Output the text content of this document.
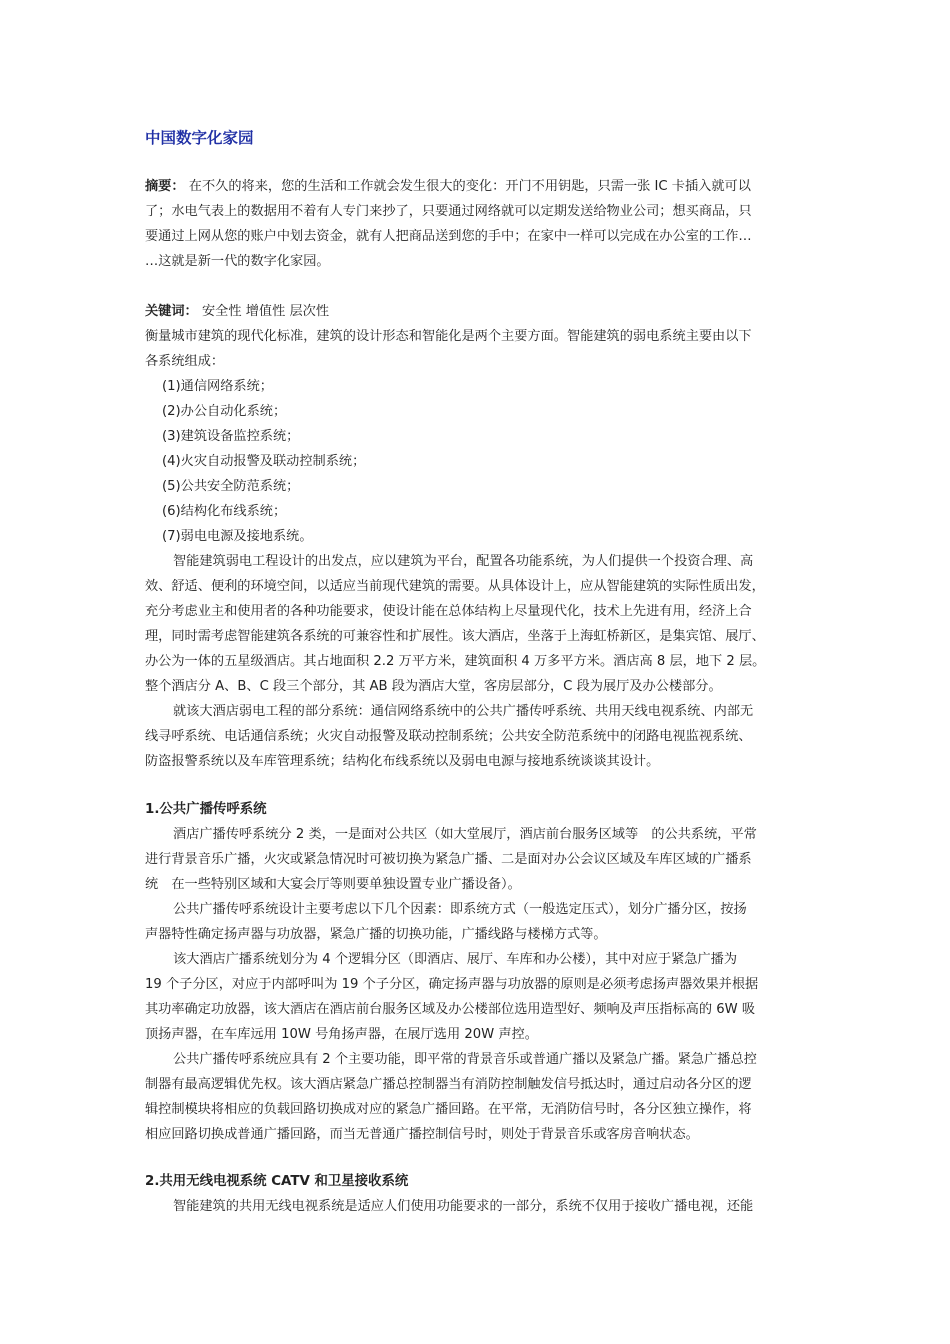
中国数字化家园
摘要： 在不久的将来，您的生活和工作就会发生很大的变化：开门不用钥匙，只需一张 IC 卡插入就可以
了；水电气表上的数据用不着有人专门来抄了，只要通过网络就可以定期发送给物业公司；想买商品，只
要通过上网从您的账户中划去资金，就有人把商品送到您的手中；在家中一样可以完成在办公室的工作…
…这就是新一代的数字化家园。
关键词： 安全性 增值性 层次性
衡量城市建筑的现代化标准，建筑的设计形态和智能化是两个主要方面。智能建筑的弱电系统主要由以下
各系统组成：
(1)通信网络系统；
(2)办公自动化系统；
(3)建筑设备监控系统；
(4)火灾自动报警及联动控制系统；
(5)公共安全防范系统；
(6)结构化布线系统；
(7)弱电电源及接地系统。
智能建筑弱电工程设计的出发点，应以建筑为平台，配置各功能系统，为人们提供一个投资合理、高
效、舒适、便利的环境空间，以适应当前现代建筑的需要。从具体设计上，应从智能建筑的实际性质出发，
充分考虑业主和使用者的各种功能要求，使设计能在总体结构上尽量现代化，技术上先进有用，经济上合
理，同时需考虑智能建筑各系统的可兼容性和扩展性。该大酒店，坐落于上海虹桥新区，是集宾馆、展厅、
办公为一体的五星级酒店。其占地面积 2.2 万平方米，建筑面积 4 万多平方米。酒店高 8 层，地下 2 层。
整个酒店分 A、B、C 段三个部分，其 AB 段为酒店大堂，客房层部分，C 段为展厅及办公楼部分。
就该大酒店弱电工程的部分系统：通信网络系统中的公共广播传呼系统、共用天线电视系统、内部无
线寻呼系统、电话通信系统；火灾自动报警及联动控制系统；公共安全防范系统中的闭路电视监视系统、
防盗报警系统以及车库管理系统；结构化布线系统以及弱电电源与接地系统谈谈其设计。
1.公共广播传呼系统
酒店广播传呼系统分 2 类，一是面对公共区（如大堂展厅，酒店前台服务区域等　的公共系统，平常
进行背景音乐广播，火灾或紧急情况时可被切换为紧急广播、二是面对办公会议区域及车库区域的广播系
统　在一些特别区域和大宴会厅等则要单独设置专业广播设备）。
公共广播传呼系统设计主要考虑以下几个因素：即系统方式（一般选定压式），划分广播分区，按扬
声器特性确定扬声器与功放器，紧急广播的切换功能，广播线路与楼梯方式等。
该大酒店广播系统划分为 4 个逻辑分区（即酒店、展厅、车库和办公楼），其中对应于紧急广播为
19 个子分区，对应于内部呼叫为 19 个子分区，确定扬声器与功放器的原则是必须考虑扬声器效果并根据
其功率确定功放器，该大酒店在酒店前台服务区域及办公楼部位选用造型好、频响及声压指标高的 6W 吸
顶扬声器，在车库远用 10W 号角扬声器，在展厅选用 20W 声控。
公共广播传呼系统应具有 2 个主要功能，即平常的背景音乐或普通广播以及紧急广播。紧急广播总控
制器有最高逻辑优先权。该大酒店紧急广播总控制器当有消防控制触发信号抵达时，通过启动各分区的逻
辑控制模块将相应的负载回路切换成对应的紧急广播回路。在平常，无消防信号时，各分区独立操作，将
相应回路切换成普通广播回路，而当无普通广播控制信号时，则处于背景音乐或客房音响状态。
2.共用无线电视系统 CATV 和卫星接收系统
智能建筑的共用无线电视系统是适应人们使用功能要求的一部分，系统不仅用于接收广播电视，还能
